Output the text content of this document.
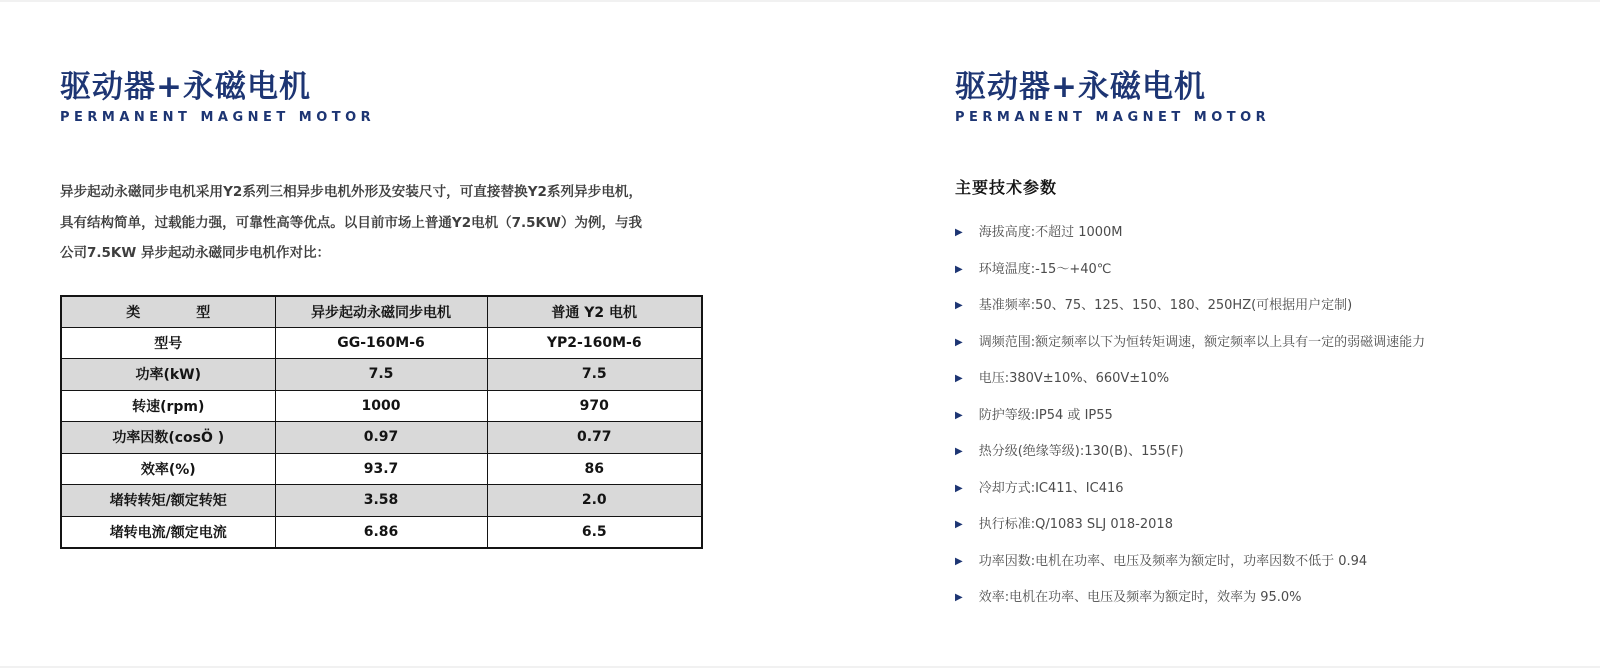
驱动器+永磁电机
PERMANENT MAGNET MOTOR

异步起动永磁同步电机采用Y2系列三相异步电机外形及安装尺寸，可直接替换Y2系列异步电机，具有结构简单，过载能力强，可靠性高等优点。以目前市场上普通Y2电机（7.5KW）为例，与我公司7.5KW 异步起动永磁同步电机作对比：

类　　　　型	异步起动永磁同步电机	普通 Y2 电机
型号	GG-160M-6	YP2-160M-6
功率(kW)	7.5	7.5
转速(rpm)	1000	970
功率因数(cosÖ )	0.97	0.77
效率(%)	93.7	86
堵转转矩/额定转矩	3.58	2.0
堵转电流/额定电流	6.86	6.5
驱动器+永磁电机
PERMANENT MAGNET MOTOR
主要技术参数
▶ 海拔高度:不超过 1000M
▶ 环境温度:-15～+40℃
▶ 基准频率:50、75、125、150、180、250HZ(可根据用户定制)
▶ 调频范围:额定频率以下为恒转矩调速，额定频率以上具有一定的弱磁调速能力
▶ 电压:380V±10%、660V±10%
▶ 防护等级:IP54 或 IP55
▶ 热分级(绝缘等级):130(B)、155(F)
▶ 冷却方式:IC411、IC416
▶ 执行标准:Q/1083 SLJ 018-2018
▶ 功率因数:电机在功率、电压及频率为额定时，功率因数不低于 0.94
▶ 效率:电机在功率、电压及频率为额定时，效率为 95.0%
